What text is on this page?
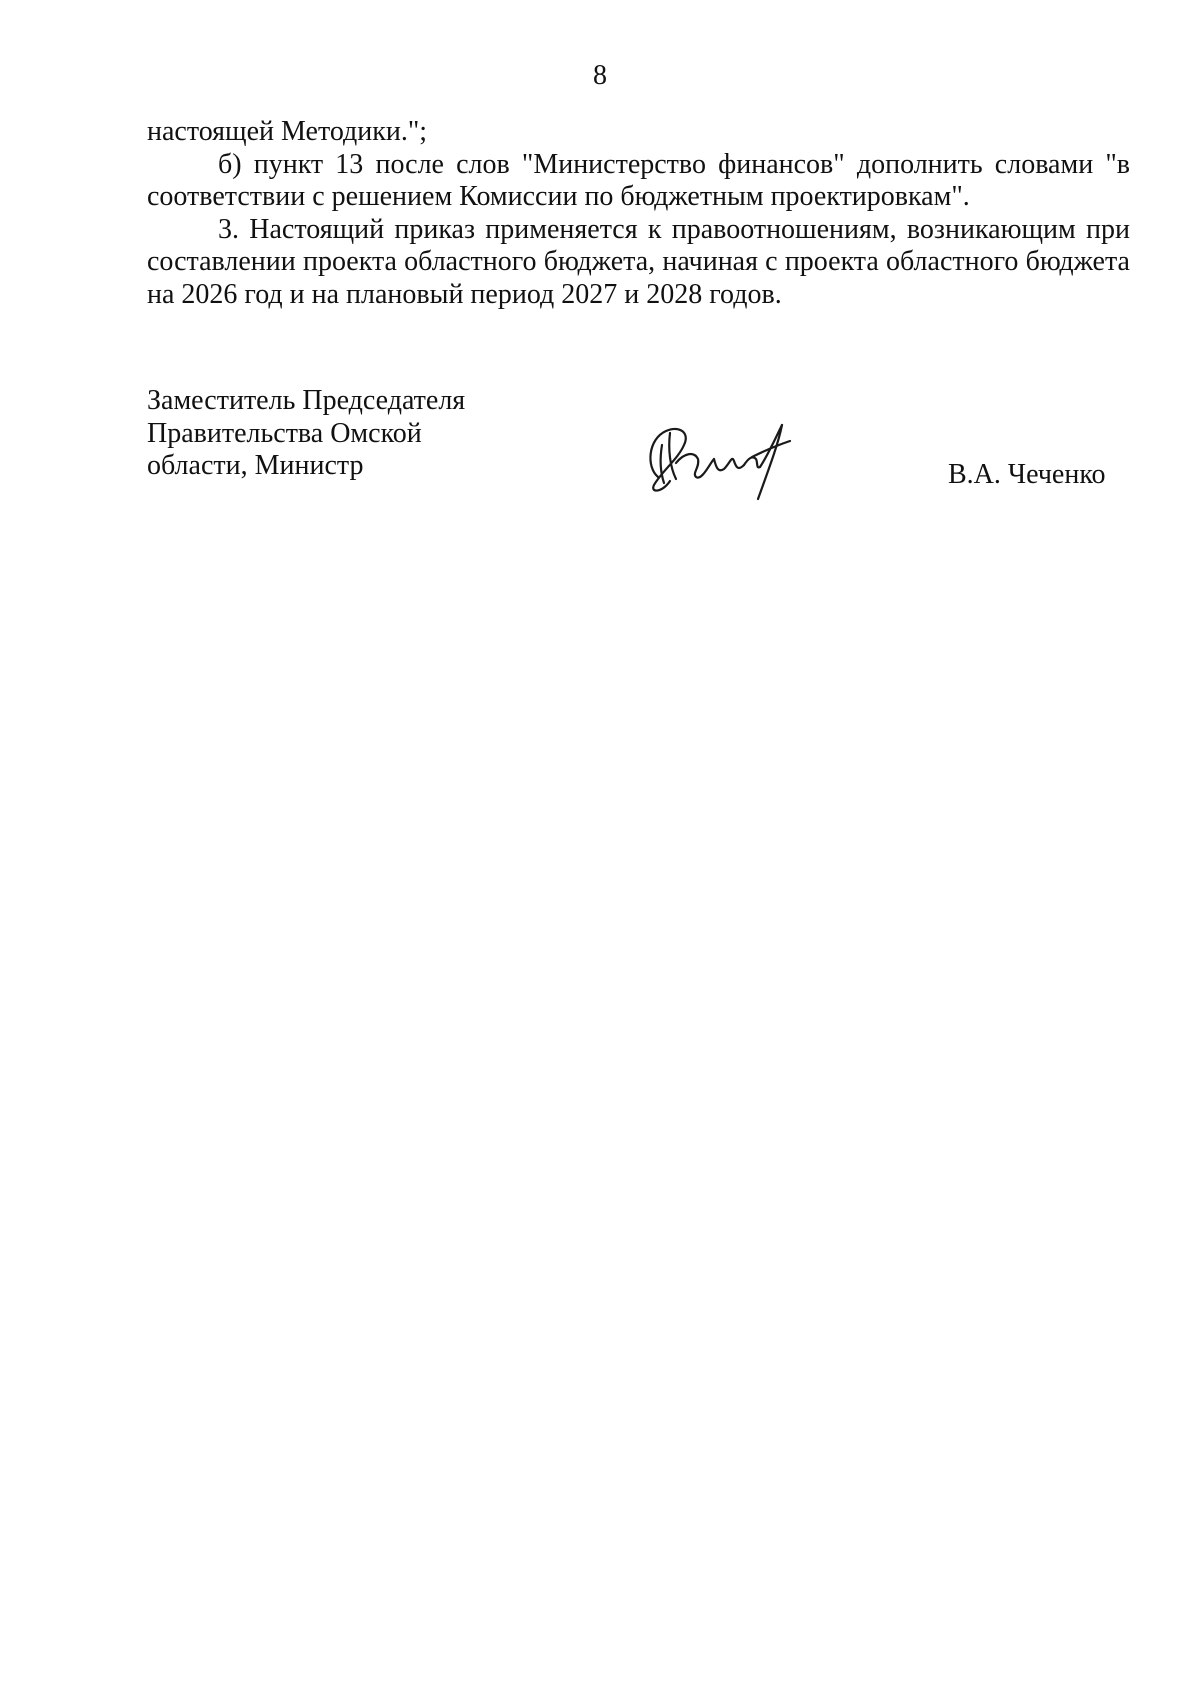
8

настоящей Методики.";

б) пункт 13 после слов "Министерство финансов" дополнить словами "в соответствии с решением Комиссии по бюджетным проектировкам".

3. Настоящий приказ применяется к правоотношениям, возникающим при составлении проекта областного бюджета, начиная с проекта областного бюджета на 2026 год и на плановый период 2027 и 2028 годов.

Заместитель Председателя
Правительства Омской
области, Министр	В.А. Чеченко
